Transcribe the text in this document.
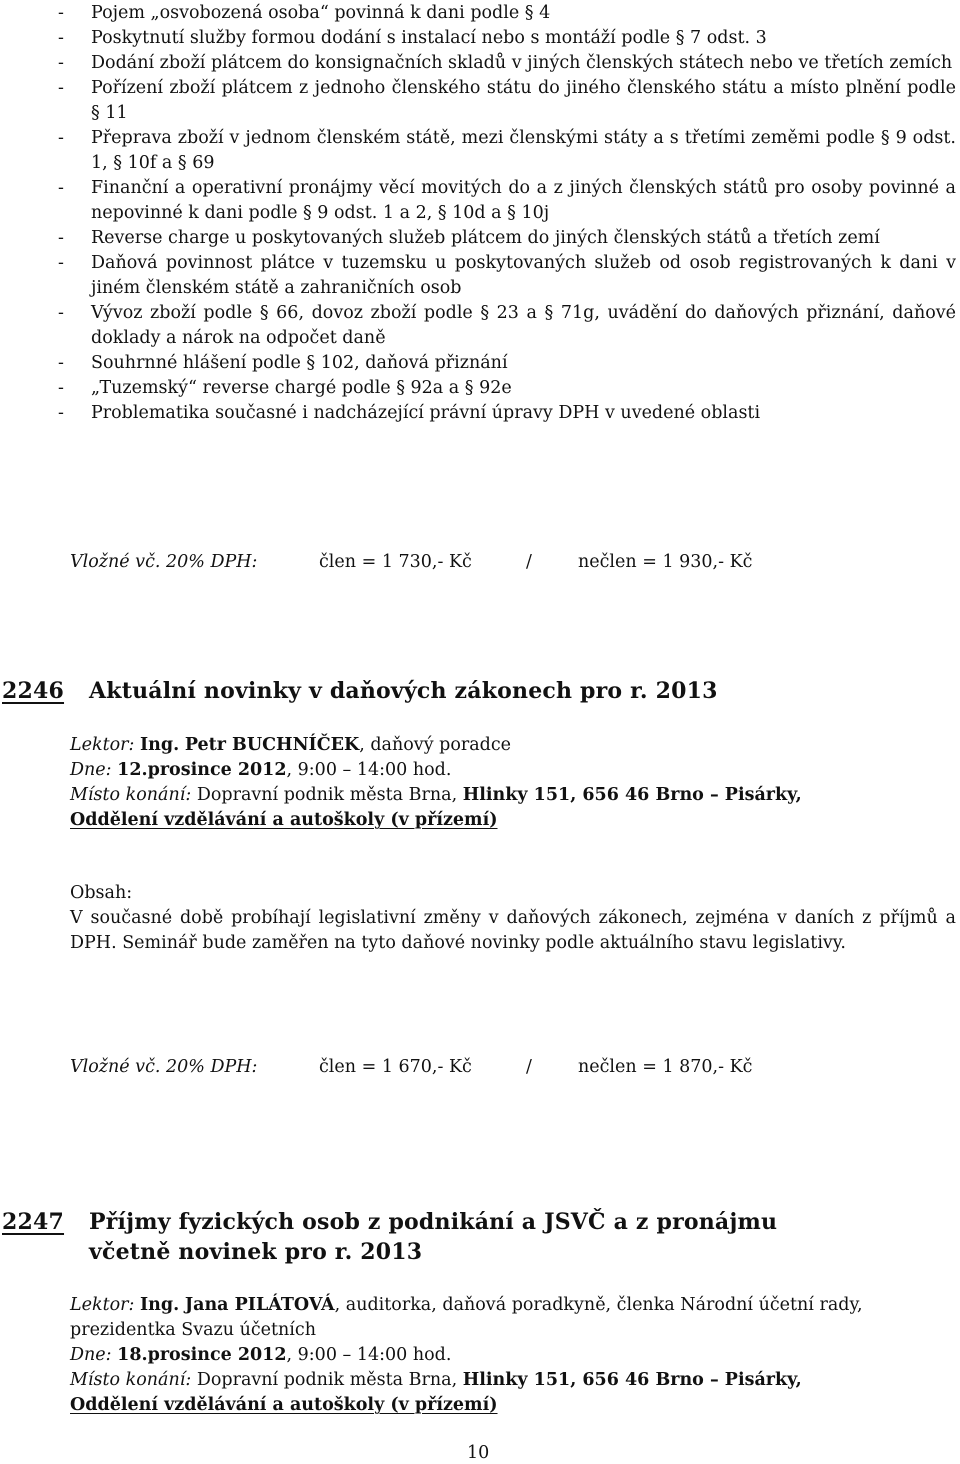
- Pojem „osvobozená osoba“ povinná k dani podle § 4
- Poskytnutí služby formou dodání s instalací nebo s montáží podle § 7 odst. 3
- Dodání zboží plátcem do konsignačních skladů v jiných členských státech nebo ve třetích zemích
- Pořízení zboží plátcem z jednoho členského státu do jiného členského státu a místo plnění podle § 11
- Přeprava zboží v jednom členském státě, mezi členskými státy a s třetími zeměmi podle § 9 odst. 1, § 10f a § 69
- Finanční a operativní pronájmy věcí movitých do a z jiných členských států pro osoby povinné a nepovinné k dani podle § 9 odst. 1 a 2, § 10d a § 10j
- Reverse charge u poskytovaných služeb plátcem do jiných členských států a třetích zemí
- Daňová povinnost plátce v tuzemsku u poskytovaných služeb od osob registrovaných k dani v jiném členském státě a zahraničních osob
- Vývoz zboží podle § 66, dovoz zboží podle § 23 a § 71g, uvádění do daňových přiznání, daňové doklady a nárok na odpočet daně
- Souhrnné hlášení podle § 102, daňová přiznání
- „Tuzemský“ reverse chargé podle § 92a a § 92e
- Problematika současné i nadcházející právní úpravy DPH v uvedené oblasti
Vložné vč. 20% DPH:	člen = 1 730,- Kč	/	nečlen = 1 930,- Kč
2246 Aktuální novinky v daňových zákonech pro r. 2013
Lektor: Ing. Petr BUCHNÍČEK, daňový poradce
Dne: 12.prosince 2012, 9:00 – 14:00 hod.
Místo konání: Dopravní podnik města Brna, Hlinky 151, 656 46 Brno – Pisárky,
Oddělení vzdělávání a autoškoly (v přízemí)
Obsah:
V současné době probíhají legislativní změny v daňových zákonech, zejména v daních z příjmů a DPH. Seminář bude zaměřen na tyto daňové novinky podle aktuálního stavu legislativy.
Vložné vč. 20% DPH:	člen = 1 670,- Kč	/	nečlen = 1 870,- Kč
2247 Příjmy fyzických osob z podnikání a JSVČ a z pronájmu
včetně novinek pro r. 2013
Lektor: Ing. Jana PILÁTOVÁ, auditorka, daňová poradkyně, členka Národní účetní rady, prezidentka Svazu účetních
Dne: 18.prosince 2012, 9:00 – 14:00 hod.
Místo konání: Dopravní podnik města Brna, Hlinky 151, 656 46 Brno – Pisárky,
Oddělení vzdělávání a autoškoly (v přízemí)
10
